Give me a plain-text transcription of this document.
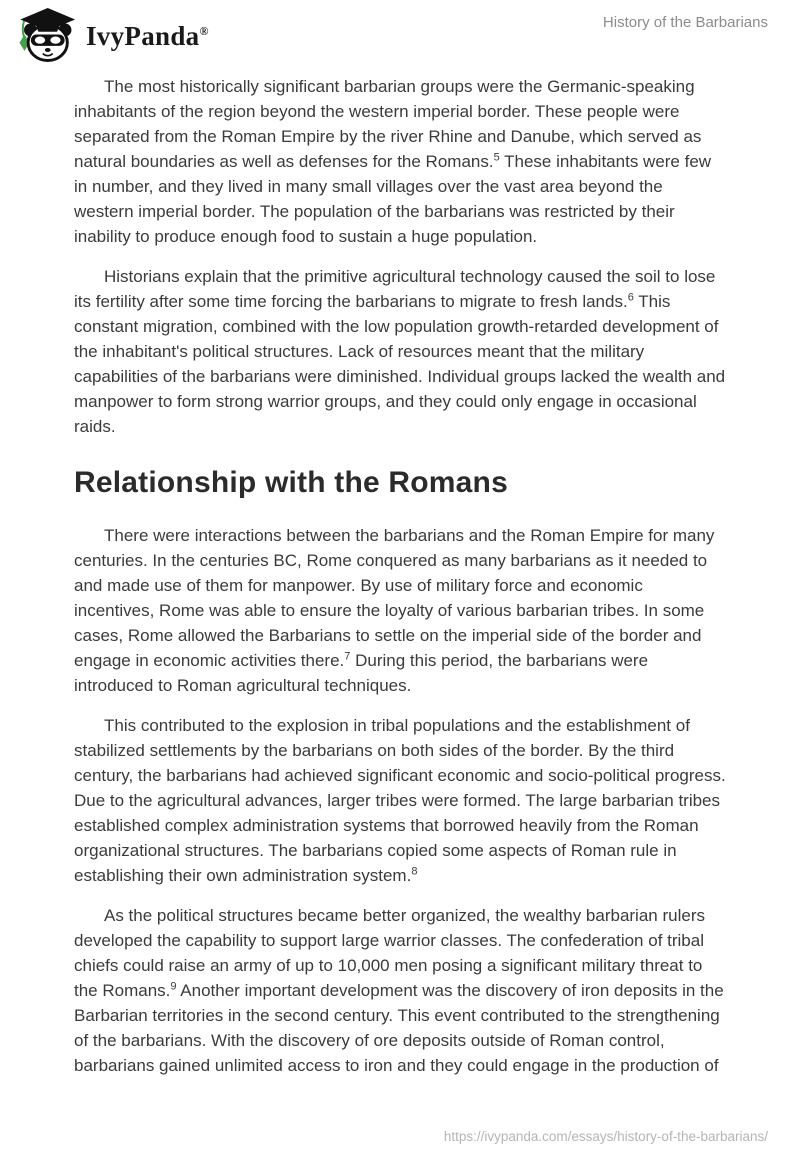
IvyPanda®	History of the Barbarians

The most historically significant barbarian groups were the Germanic-speaking inhabitants of the region beyond the western imperial border. These people were separated from the Roman Empire by the river Rhine and Danube, which served as natural boundaries as well as defenses for the Romans.$^5$ These inhabitants were few in number, and they lived in many small villages over the vast area beyond the western imperial border. The population of the barbarians was restricted by their inability to produce enough food to sustain a huge population.

Historians explain that the primitive agricultural technology caused the soil to lose its fertility after some time forcing the barbarians to migrate to fresh lands.$^6$ This constant migration, combined with the low population growth-retarded development of the inhabitant's political structures. Lack of resources meant that the military capabilities of the barbarians were diminished. Individual groups lacked the wealth and manpower to form strong warrior groups, and they could only engage in occasional raids.

Relationship with the Romans

There were interactions between the barbarians and the Roman Empire for many centuries. In the centuries BC, Rome conquered as many barbarians as it needed to and made use of them for manpower. By use of military force and economic incentives, Rome was able to ensure the loyalty of various barbarian tribes. In some cases, Rome allowed the Barbarians to settle on the imperial side of the border and engage in economic activities there.$^7$ During this period, the barbarians were introduced to Roman agricultural techniques.

This contributed to the explosion in tribal populations and the establishment of stabilized settlements by the barbarians on both sides of the border. By the third century, the barbarians had achieved significant economic and socio-political progress. Due to the agricultural advances, larger tribes were formed. The large barbarian tribes established complex administration systems that borrowed heavily from the Roman organizational structures. The barbarians copied some aspects of Roman rule in establishing their own administration system.$^8$

As the political structures became better organized, the wealthy barbarian rulers developed the capability to support large warrior classes. The confederation of tribal chiefs could raise an army of up to 10,000 men posing a significant military threat to the Romans.$^9$ Another important development was the discovery of iron deposits in the Barbarian territories in the second century. This event contributed to the strengthening of the barbarians. With the discovery of ore deposits outside of Roman control, barbarians gained unlimited access to iron and they could engage in the production of

https://ivypanda.com/essays/history-of-the-barbarians/
